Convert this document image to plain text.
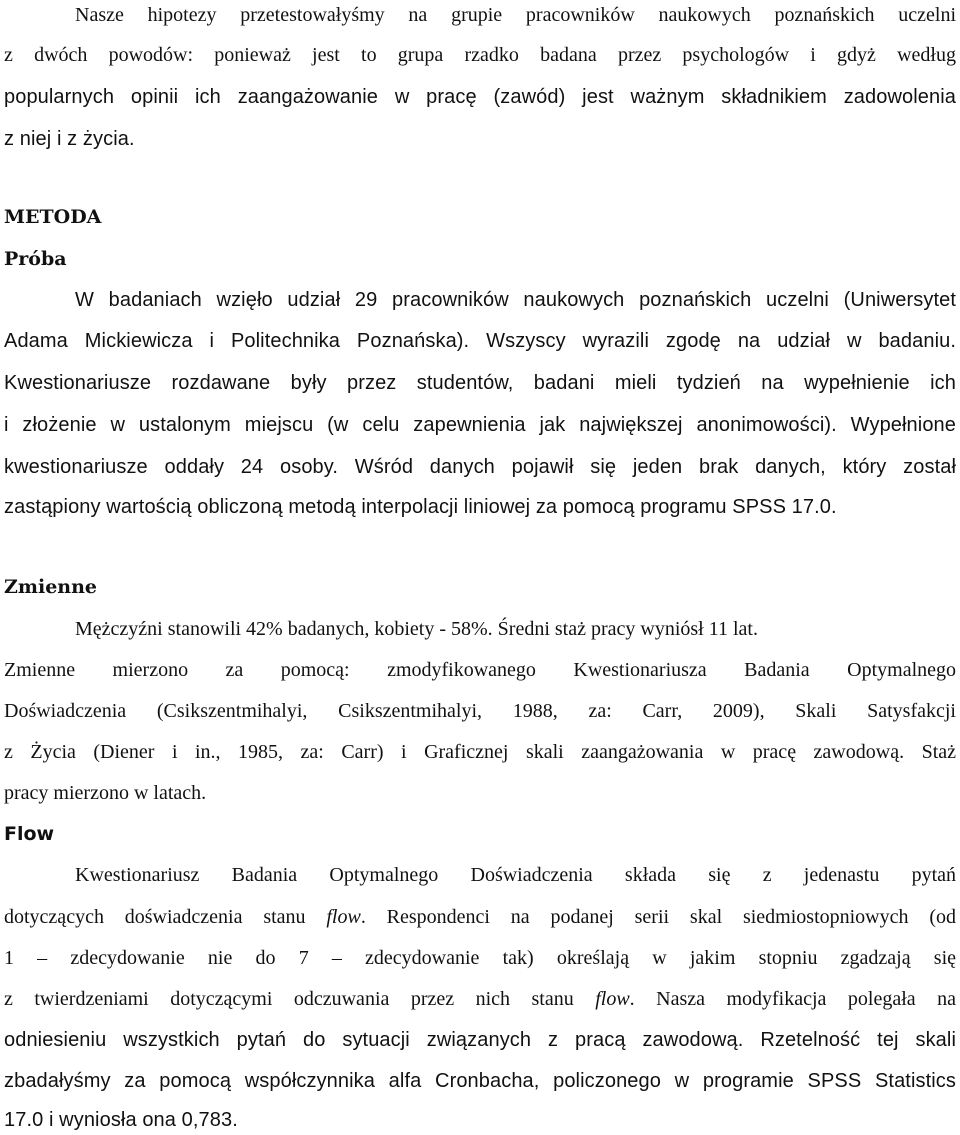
Nasze hipotezy przetestowałyśmy na grupie pracowników naukowych poznańskich uczelni
z dwóch powodów: ponieważ jest to grupa rzadko badana przez psychologów i gdyż według
popularnych opinii ich zaangażowanie w pracę (zawód) jest ważnym składnikiem zadowolenia
z niej i z życia.
METODA
Próba
W badaniach wzięło udział 29 pracowników naukowych poznańskich uczelni (Uniwersytet
Adama Mickiewicza i Politechnika Poznańska). Wszyscy wyrazili zgodę na udział w badaniu.
Kwestionariusze rozdawane były przez studentów, badani mieli tydzień na wypełnienie ich
i złożenie w ustalonym miejscu (w celu zapewnienia jak największej anonimowości). Wypełnione
kwestionariusze oddały 24 osoby. Wśród danych pojawił się jeden brak danych, który został
zastąpiony wartością obliczoną metodą interpolacji liniowej za pomocą programu SPSS 17.0.
Zmienne
Mężczyźni stanowili 42% badanych, kobiety - 58%. Średni staż pracy wyniósł 11 lat.
Zmienne mierzono za pomocą: zmodyfikowanego Kwestionariusza Badania Optymalnego
Doświadczenia (Csikszentmihalyi, Csikszentmihalyi, 1988, za: Carr, 2009), Skali Satysfakcji
z Życia (Diener i in., 1985, za: Carr) i Graficznej skali zaangażowania w pracę zawodową. Staż
pracy mierzono w latach.
Flow
Kwestionariusz Badania Optymalnego Doświadczenia składa się z jedenastu pytań
dotyczących doświadczenia stanu flow. Respondenci na podanej serii skal siedmiostopniowych (od
1 – zdecydowanie nie do 7 – zdecydowanie tak) określają w jakim stopniu zgadzają się
z twierdzeniami dotyczącymi odczuwania przez nich stanu flow. Nasza modyfikacja polegała na
odniesieniu wszystkich pytań do sytuacji związanych z pracą zawodową. Rzetelność tej skali
zbadałyśmy za pomocą współczynnika alfa Cronbacha, policzonego w programie SPSS Statistics
17.0 i wyniosła ona 0,783.
